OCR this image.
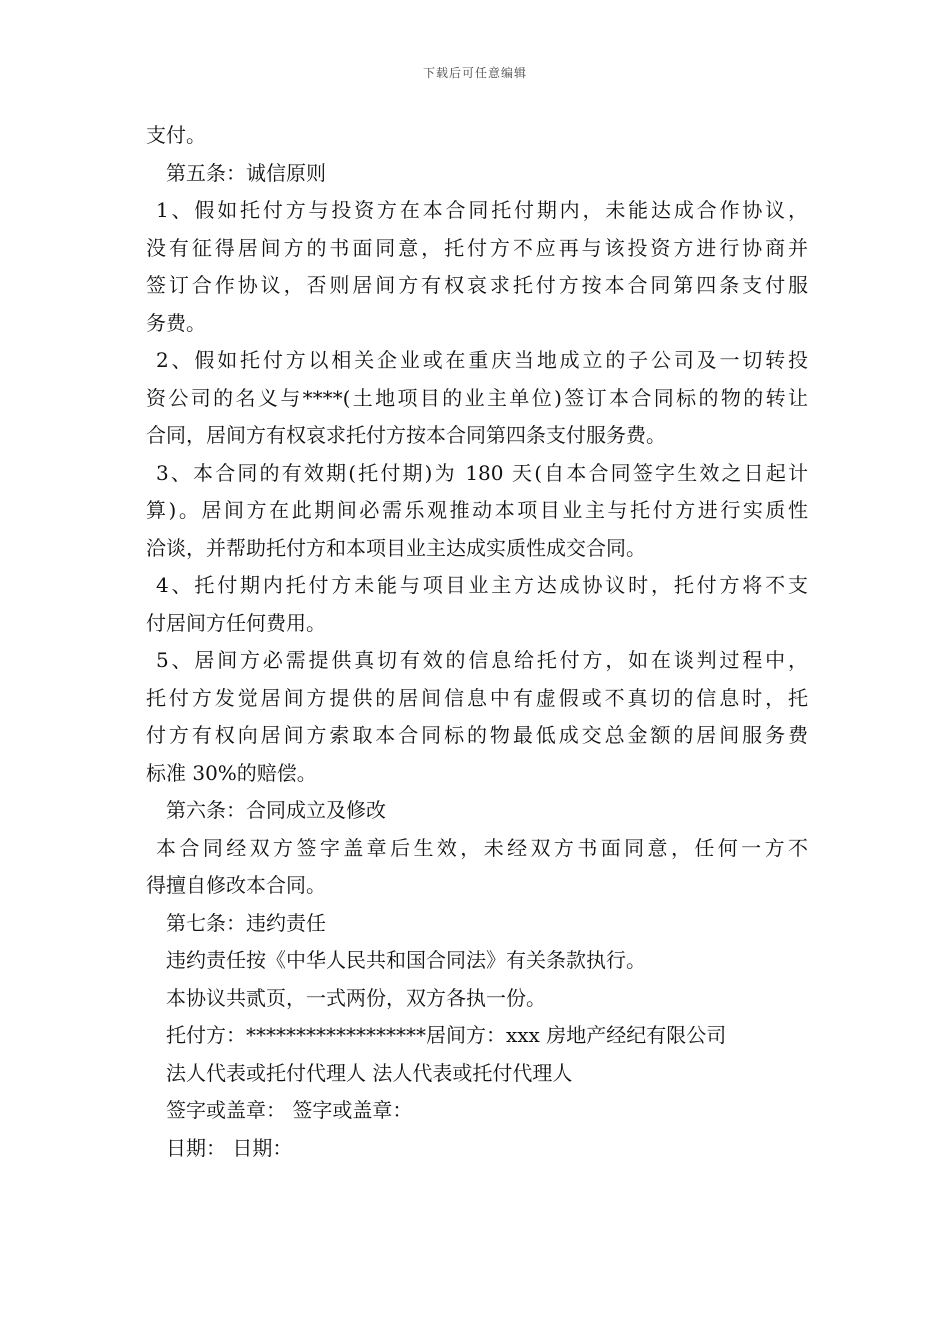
下载后可任意编辑
支付。
第五条：诚信原则
1、假如托付方与投资方在本合同托付期内，未能达成合作协议，
没有征得居间方的书面同意，托付方不应再与该投资方进行协商并
签订合作协议，否则居间方有权哀求托付方按本合同第四条支付服
务费。
2、假如托付方以相关企业或在重庆当地成立的子公司及一切转投
资公司的名义与****(土地项目的业主单位)签订本合同标的物的转让
合同，居间方有权哀求托付方按本合同第四条支付服务费。
3、本合同的有效期(托付期)为 180 天(自本合同签字生效之日起计
算)。居间方在此期间必需乐观推动本项目业主与托付方进行实质性
洽谈，并帮助托付方和本项目业主达成实质性成交合同。
4、托付期内托付方未能与项目业主方达成协议时，托付方将不支
付居间方任何费用。
5、居间方必需提供真切有效的信息给托付方，如在谈判过程中，
托付方发觉居间方提供的居间信息中有虚假或不真切的信息时，托
付方有权向居间方索取本合同标的物最低成交总金额的居间服务费
标准 30%的赔偿。
第六条：合同成立及修改
本合同经双方签字盖章后生效，未经双方书面同意，任何一方不
得擅自修改本合同。
第七条：违约责任
违约责任按《中华人民共和国合同法》有关条款执行。
本协议共贰页，一式两份，双方各执一份。
托付方：******************居间方：xxx 房地产经纪有限公司
法人代表或托付代理人 法人代表或托付代理人
签字或盖章： 签字或盖章：
日期： 日期：
